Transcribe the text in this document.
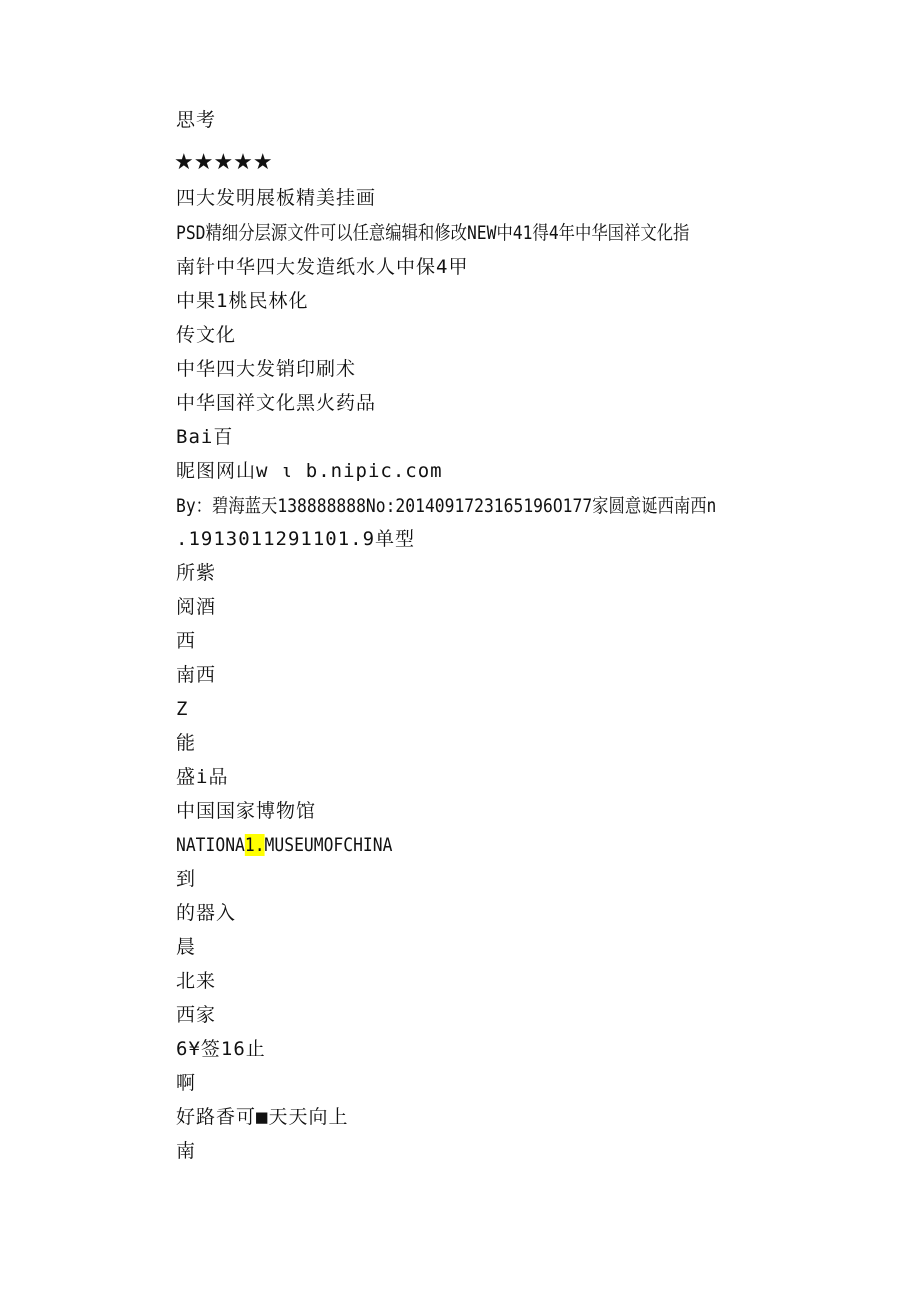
思考
★★★★★
四大发明展板精美挂画
PSD精细分层源文件可以任意编辑和修改NEW中41得4年中华国祥文化指
南针中华四大发造纸水人中保4甲
中果1桃民林化
传文化
中华四大发销印刷术
中华国祥文化黑火药品
Bai百
昵图网山w ι b.nipic.com
By：碧海蓝天138888888No:2014091723165196O177家圆意诞西南西n
.1913011291101.9单型
所紫
阅酒
西
南西
Z
能
盛i品
中国国家博物馆
NATIONA1.MUSEUMOFCHINA
到
的器入
晨
北来
西家
6¥签16止
啊
好路香可■天天向上
南
